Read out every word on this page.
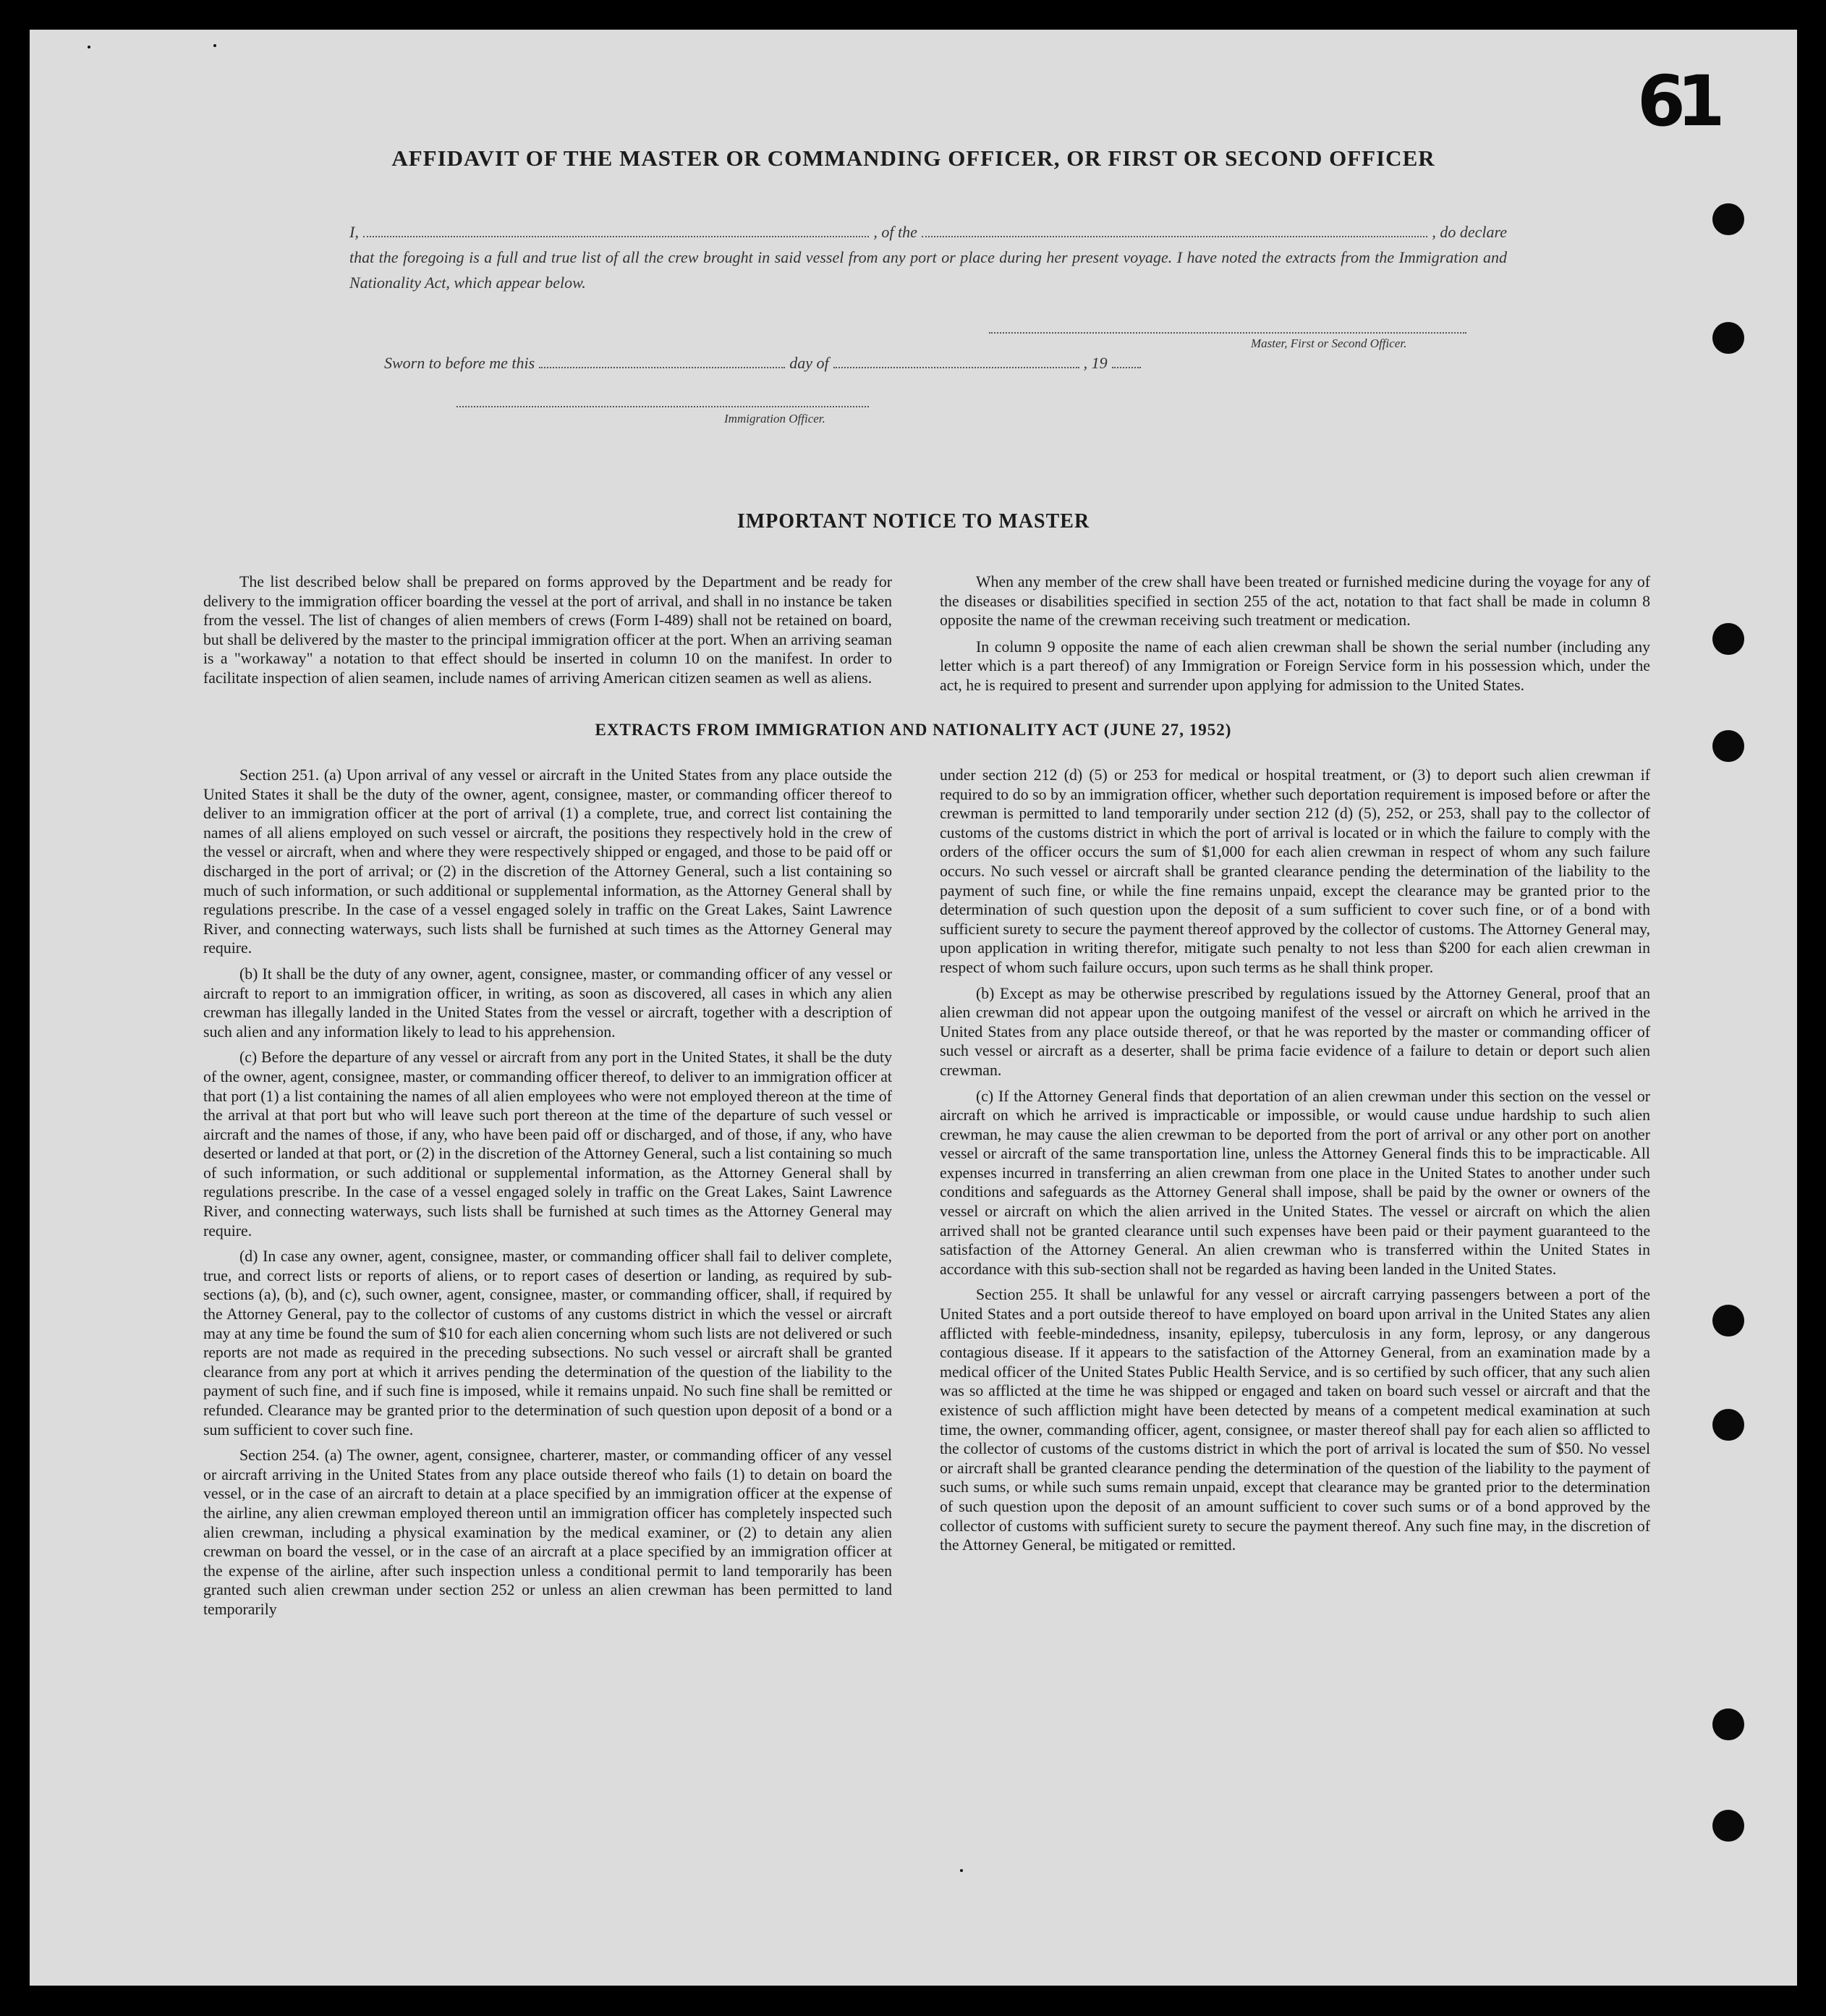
61
AFFIDAVIT OF THE MASTER OR COMMANDING OFFICER, OR FIRST OR SECOND OFFICER
I,	, of the	, do declare
that the foregoing is a full and true list of all the crew brought in said vessel from any port or place during her present voyage. I have noted the extracts from the Immigration and Nationality Act, which appear below.
Master, First or Second Officer.
Sworn to before me this	day of	, 19
Immigration Officer.
IMPORTANT NOTICE TO MASTER

The list described below shall be prepared on forms approved by the Department and be ready for delivery to the immigration officer boarding the vessel at the port of arrival, and shall in no instance be taken from the vessel. The list of changes of alien members of crews (Form I-489) shall not be retained on board, but shall be delivered by the master to the principal immigration officer at the port. When an arriving seaman is a "workaway" a notation to that effect should be inserted in column 10 on the manifest. In order to facilitate inspection of alien seamen, include names of arriving American citizen seamen as well as aliens.

When any member of the crew shall have been treated or furnished medicine during the voyage for any of the diseases or disabilities specified in section 255 of the act, notation to that fact shall be made in column 8 opposite the name of the crewman receiving such treatment or medication.

In column 9 opposite the name of each alien crewman shall be shown the serial number (including any letter which is a part thereof) of any Immigration or Foreign Service form in his possession which, under the act, he is required to present and surrender upon applying for admission to the United States.

EXTRACTS FROM IMMIGRATION AND NATIONALITY ACT (JUNE 27, 1952)

Section 251. (a) Upon arrival of any vessel or aircraft in the United States from any place outside the United States it shall be the duty of the owner, agent, consignee, master, or commanding officer thereof to deliver to an immigration officer at the port of arrival (1) a complete, true, and correct list containing the names of all aliens employed on such vessel or aircraft, the positions they respectively hold in the crew of the vessel or aircraft, when and where they were respectively shipped or engaged, and those to be paid off or discharged in the port of arrival; or (2) in the discretion of the Attorney General, such a list containing so much of such information, or such additional or supplemental information, as the Attorney General shall by regulations prescribe. In the case of a vessel engaged solely in traffic on the Great Lakes, Saint Lawrence River, and connecting waterways, such lists shall be furnished at such times as the Attorney General may require.

(b) It shall be the duty of any owner, agent, consignee, master, or commanding officer of any vessel or aircraft to report to an immigration officer, in writing, as soon as discovered, all cases in which any alien crewman has illegally landed in the United States from the vessel or aircraft, together with a description of such alien and any information likely to lead to his apprehension.

(c) Before the departure of any vessel or aircraft from any port in the United States, it shall be the duty of the owner, agent, consignee, master, or commanding officer thereof, to deliver to an immigration officer at that port (1) a list containing the names of all alien employees who were not employed thereon at the time of the arrival at that port but who will leave such port thereon at the time of the departure of such vessel or aircraft and the names of those, if any, who have been paid off or discharged, and of those, if any, who have deserted or landed at that port, or (2) in the discretion of the Attorney General, such a list containing so much of such information, or such additional or supplemental information, as the Attorney General shall by regulations prescribe. In the case of a vessel engaged solely in traffic on the Great Lakes, Saint Lawrence River, and connecting waterways, such lists shall be furnished at such times as the Attorney General may require.

(d) In case any owner, agent, consignee, master, or commanding officer shall fail to deliver complete, true, and correct lists or reports of aliens, or to report cases of desertion or landing, as required by sub-sections (a), (b), and (c), such owner, agent, consignee, master, or commanding officer, shall, if required by the Attorney General, pay to the collector of customs of any customs district in which the vessel or aircraft may at any time be found the sum of $10 for each alien concerning whom such lists are not delivered or such reports are not made as required in the preceding subsections. No such vessel or aircraft shall be granted clearance from any port at which it arrives pending the determination of the question of the liability to the payment of such fine, and if such fine is imposed, while it remains unpaid. No such fine shall be remitted or refunded. Clearance may be granted prior to the determination of such question upon deposit of a bond or a sum sufficient to cover such fine.

Section 254. (a) The owner, agent, consignee, charterer, master, or commanding officer of any vessel or aircraft arriving in the United States from any place outside thereof who fails (1) to detain on board the vessel, or in the case of an aircraft to detain at a place specified by an immigration officer at the expense of the airline, any alien crewman employed thereon until an immigration officer has completely inspected such alien crewman, including a physical examination by the medical examiner, or (2) to detain any alien crewman on board the vessel, or in the case of an aircraft at a place specified by an immigration officer at the expense of the airline, after such inspection unless a conditional permit to land temporarily has been granted such alien crewman under section 252 or unless an alien crewman has been permitted to land temporarily

under section 212 (d) (5) or 253 for medical or hospital treatment, or (3) to deport such alien crewman if required to do so by an immigration officer, whether such deportation requirement is imposed before or after the crewman is permitted to land temporarily under section 212 (d) (5), 252, or 253, shall pay to the collector of customs of the customs district in which the port of arrival is located or in which the failure to comply with the orders of the officer occurs the sum of $1,000 for each alien crewman in respect of whom any such failure occurs. No such vessel or aircraft shall be granted clearance pending the determination of the liability to the payment of such fine, or while the fine remains unpaid, except the clearance may be granted prior to the determination of such question upon the deposit of a sum sufficient to cover such fine, or of a bond with sufficient surety to secure the payment thereof approved by the collector of customs. The Attorney General may, upon application in writing therefor, mitigate such penalty to not less than $200 for each alien crewman in respect of whom such failure occurs, upon such terms as he shall think proper.

(b) Except as may be otherwise prescribed by regulations issued by the Attorney General, proof that an alien crewman did not appear upon the outgoing manifest of the vessel or aircraft on which he arrived in the United States from any place outside thereof, or that he was reported by the master or commanding officer of such vessel or aircraft as a deserter, shall be prima facie evidence of a failure to detain or deport such alien crewman.

(c) If the Attorney General finds that deportation of an alien crewman under this section on the vessel or aircraft on which he arrived is impracticable or impossible, or would cause undue hardship to such alien crewman, he may cause the alien crewman to be deported from the port of arrival or any other port on another vessel or aircraft of the same transportation line, unless the Attorney General finds this to be impracticable. All expenses incurred in transferring an alien crewman from one place in the United States to another under such conditions and safeguards as the Attorney General shall impose, shall be paid by the owner or owners of the vessel or aircraft on which the alien arrived in the United States. The vessel or aircraft on which the alien arrived shall not be granted clearance until such expenses have been paid or their payment guaranteed to the satisfaction of the Attorney General. An alien crewman who is transferred within the United States in accordance with this sub-section shall not be regarded as having been landed in the United States.

Section 255. It shall be unlawful for any vessel or aircraft carrying passengers between a port of the United States and a port outside thereof to have employed on board upon arrival in the United States any alien afflicted with feeble-mindedness, insanity, epilepsy, tuberculosis in any form, leprosy, or any dangerous contagious disease. If it appears to the satisfaction of the Attorney General, from an examination made by a medical officer of the United States Public Health Service, and is so certified by such officer, that any such alien was so afflicted at the time he was shipped or engaged and taken on board such vessel or aircraft and that the existence of such affliction might have been detected by means of a competent medical examination at such time, the owner, commanding officer, agent, consignee, or master thereof shall pay for each alien so afflicted to the collector of customs of the customs district in which the port of arrival is located the sum of $50. No vessel or aircraft shall be granted clearance pending the determination of the question of the liability to the payment of such sums, or while such sums remain unpaid, except that clearance may be granted prior to the determination of such question upon the deposit of an amount sufficient to cover such sums or of a bond approved by the collector of customs with sufficient surety to secure the payment thereof. Any such fine may, in the discretion of the Attorney General, be mitigated or remitted.
